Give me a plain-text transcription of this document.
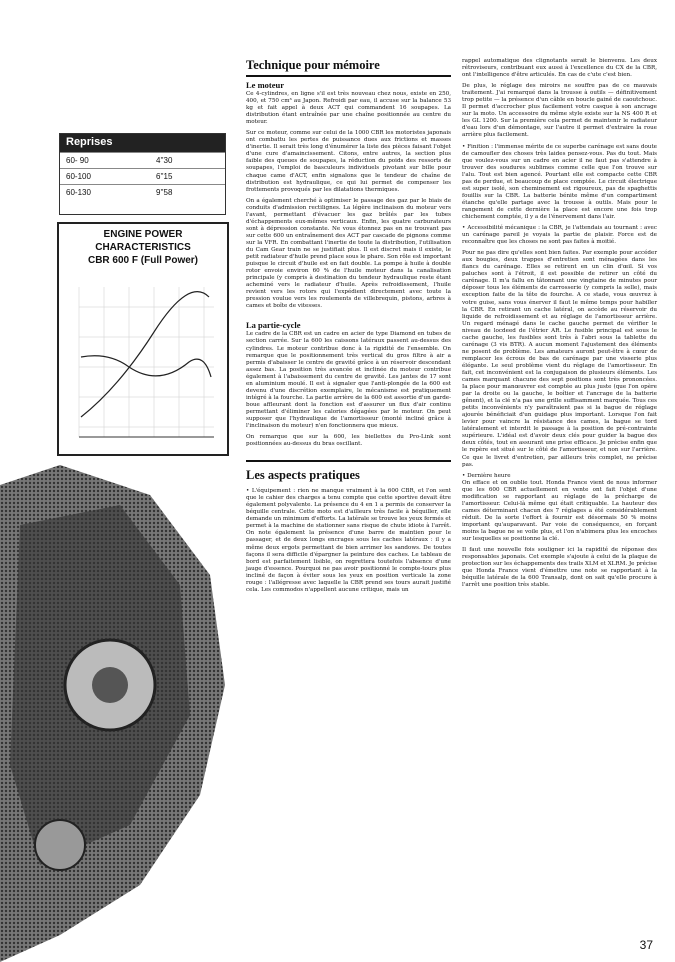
Reprises
60- 90	4''30
60-100	6''15
60-130	9''58
ENGINE POWER CHARACTERISTICS
CBR 600 F (Full Power)
Technique pour mémoire
Le moteur

Ce 4-cylindres, en ligne s'il est très nouveau chez nous, existe en 250, 400, et 750 cm³ au Japon. Refroidi par eau, il accuse sur la balance 53 kg et fait appel à deux ACT qui commandent 16 soupapes. La distribution étant entraînée par une chaîne positionnée au centre du moteur.

Sur ce moteur, comme sur celui de la 1000 CBR les motoristes japonais ont combattu les pertes de puissance dues aux frictions et masses d'inertie. Il serait très long d'énumérer la liste des pièces faisant l'objet d'une cure d'amaincissement. Citons, entre autres, la section plus faible des queues de soupapes, la réduction du poids des ressorts de soupapes, l'emploi de basculeurs individuels pivotant sur bille pour chaque came d'ACT, enfin signalons que le tendeur de chaîne de distribution est hydraulique, ce qui lui permet de compenser les frottements provoqués par les dilatations thermiques.

On a également cherché à optimiser le passage des gaz par le biais de conduits d'admission rectilignes. La légère inclinaison du moteur vers l'avant, permettant d'évacuer les gaz brûlés par les tubes d'échappements eux-mêmes verticaux. Enfin, les quatre carburateurs sont à dépression constante. Ne vous étonnez pas en ne trouvant pas sur cette 600 un entraînement des ACT par cascade de pignons comme sur la VFR. En combattant l'inertie de toute la distribution, l'utilisation du Cam Gear train ne se justifiait plus. Il est discret mais il existe, le petit radiateur d'huile prend place sous le phare. Son rôle est important puisque le circuit d'huile est en fait double. La pompe à huile à double rotor envoie environ 60 % de l'huile moteur dans la canalisation principale (y compris à destination du tendeur hydraulique reste étant acheminé vers le radiateur d'huile. Après refroidissement, l'huile revient vers les rotors qui l'expédient directement avec toute la pression voulue vers les roulements de villebrequin, pistons, arbres à cames et boîte de vitesses.

La partie-cycle

Le cadre de la CBR est un cadre en acier de type Diamond en tubes de section carrée. Sur la 600 les caissons latéraux passent au-dessus des cylindres. Le moteur contribue donc à la rigidité de l'ensemble. On remarque que le positionnement très vertical du gros filtre à air a permis d'abaisser le centre de gravité grâce à un réservoir descendant assez bas. La position très avancée et inclinée du moteur contribue également à l'abaissement du centre de gravité. Les jantes de 17 sont en aluminium moulé. Il est à signaler que l'anti-plongée de la 600 est devenu d'une discrétion exemplaire, le mécanisme est pratiquement intégré à la fourche. La partie arrière de la 600 est assortie d'un garde-boue affleurant dont la fonction est d'assurer un flux d'air continu permettant d'éliminer les calories dégagées par le moteur. On peut supposer que l'hydraulique de l'amortisseur (monté incliné grâce à l'inclinaison du moteur) n'en fonctionnera que mieux.

On remarque que sur la 600, les biellettes du Pro-Link sont positionnées au-dessus du bras oscillant.

Les aspects pratiques

• L'équipement : rien ne manque vraiment à la 600 CBR, et l'on sent que le cahier des charges a tenu compte que cette sportive devait être également polyvalente. La présence du 4 en 1 a permis de conserver la béquille centrale. Cette moto est d'ailleurs très facile à béquiller, elle demande un minimum d'efforts. La latérale se trouve les yeux fermés et permet à la machine de stationner sans risque de chute idiote à l'arrêt. On note également la présence d'une barre de maintien pour le passager, et de deux longs encrages sous les caches latéraux : il y a même deux ergots permettant de bien arrimer les sandows. De toutes façons il sera difficile d'épargner la peinture des caches. Le tableau de bord est parfaitement lisible, on regrettera toutefois l'absence d'une jauge d'essence. Pourquoi ne pas avoir positionné le compte-tours plus incliné de façon à éviter sous les yeux en position verticale la zone rouge : l'allégresse avec laquelle la CBR prend ses tours aurait justifié cela. Les commodos n'appellent aucune critique, mais un

rappel automatique des clignotants serait le bienvenu. Les deux rétroviseurs, contribuant eux aussi à l'excellence du CX de la CBR, ont l'intelligence d'être articulés. En cas de c'ute c'est bien.

De plus, le réglage des miroirs ne souffre pas de ce mauvais traitement. J'ai remarqué dans la trousse à outils — définitivement trop petite — la présence d'un câble en boucle gainé de caoutchouc. Il permet d'accrocher plus facilement votre casque à son ancrage sur la moto. Un accessoire du même style existe sur la NS 400 R et les GL 1200. Sur la première cela permet de maintenir le radiateur d'eau lors d'un démontage, sur l'autre il permet d'extraire la roue arrière plus facilement.

• Finition : l'immense mérite de ce superbe carénage est sans doute de camoufler des choses très laides pensez-vous. Pas du tout. Mais que voulez-vous sur un cadre en acier il ne faut pas s'attendre à trouver des soudures sublimes comme celle que l'on trouve sur l'alu. Tout est bien agencé. Pourtant elle est compacte cette CBR pas de perdue, et beaucoup de place comptée. Le circuit électrique est super isolé, son cheminement est rigoureux, pas de spaghettis fouillis sur la CBR. La batterie bénite même d'un compartiment étanche qu'elle partage avec la trousse à outils. Mais pour le rangement de cette dernière la place est encore une fois trop chichement comptée, il y a de l'énervement dans l'air.

• Accessibilité mécanique : la CBR, je l'attendais au tournant : avec un carénage pareil je voyais la partie de plaisir. Force est de reconnaître que les choses ne sont pas faites à moitié.

Pour ne pas dire qu'elles sont bien faites. Par exemple pour accéder aux bougies, deux trappes d'entretien sont ménagées dans les flancs du carénage. Elles se retirent en un clin d'œil. Si vos paluches sont à l'étroit, il est possible de retirer un côté du carénage. Il m'a fallu en tâtonnant une vingtaine de minutes pour déposer tous les éléments de carrosserie (y compris la selle), mais exception faite de la tête de fourche. A ce stade, vous œuvrez à votre guise, sans vous énerver il faut le même temps pour habiller la CBR. En retirant un cache latéral, on accède au réservoir du liquide de refroidissement et au réglage de l'amortisseur arrière. Un regard ménagé dans le cache gauche permet de vérifier le niveau de locdeed de l'étrier AR. Le fusible principal est sous le cache gauche, les fusibles sont très à l'abri sous la tablette du carénage (3 vis BTR). A aucun moment l'ajustement des éléments ne posent de problème. Les amateurs auront peut-être à cœur de remplacer les écrous de bas de carénage par une visserie plus élégante. Le seul problème vient du réglage de l'amortisseur. En fait, cet inconvénient est la conjugaison de plusieurs éléments. Les cames marquant chacune des sept positions sont très prononcées. Ia place pour manœuvrer est comptée au plus juste (que l'on opère par la droite ou la gauche, le boîtier et l'ancrage de la batterie gênent), et la clé n'a pas une grille suffisamment marquée. Tous ces petits inconvénients n'y paraîtraient pas si la bague de réglage ajourée bénéficiait d'un guidage plus important. Lorsque l'on fait levier pour vaincre la résistance des cames, la bague se tord latéralement et interdit le passage à la position de pré-contrainte supérieure. L'idéal est d'avoir deux clés pour guider la bague des deux côtés, tout en assurant une prise efficace. Je précise enfin que le repère est situé sur le côté de l'amortisseur, et non sur l'arrière. Ce que le livret d'entretien, par ailleurs très complet, ne précise pas.

• Dernière heure
On efface et on oublie tout. Honda France vient de nous informer que les 600 CBR actuellement en vente ont fait l'objet d'une modification se rapportant au réglage de la précharge de l'amortisseur. Celui-là même qui était critiquable. La hauteur des cames déterminant chacun des 7 réglages a été considérablement réduit. De la sorte l'effort à fournir est désormais 50 % moins important qu'auparavant. Par voie de conséquence, en forçant moins la bague ne se voile plus, et l'on n'abimera plus les encoches sur lesquelles se positionne la clé.

Il faut une nouvelle fois souligner ici la rapidité de réponse des responsables japonais. Cet exemple s'ajoute à celui de la plaque de protection sur les échappements des trails XLM et XLRM. Je précise que Honda France vient d'émettre une note se rapportant à la béquille latérale de la 600 Transalp, dont on sait qu'elle procure à l'arrêt une position très stable.

37
